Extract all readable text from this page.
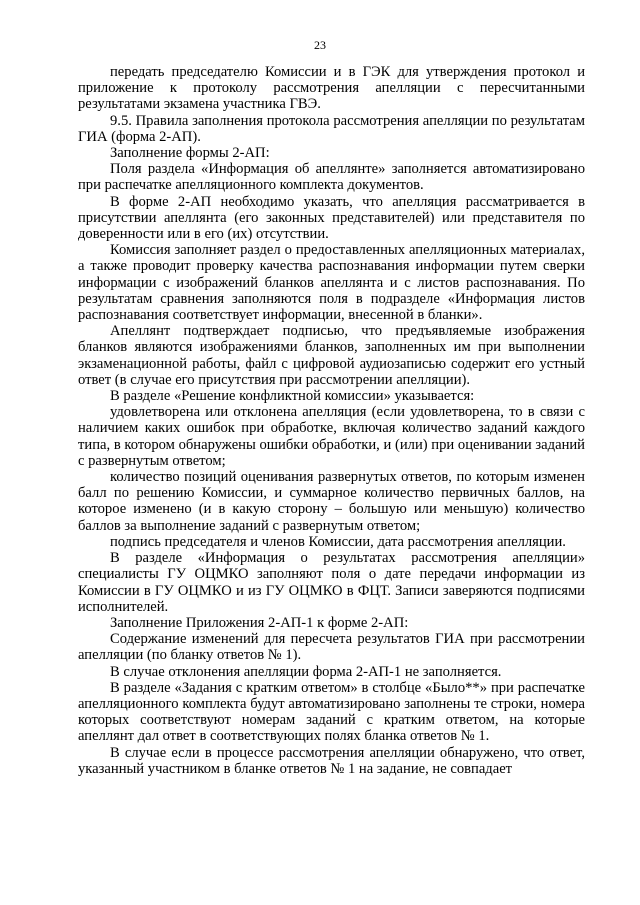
23

передать председателю Комиссии и в ГЭК для утверждения протокол и приложение к протоколу рассмотрения апелляции с пересчитанными результатами экзамена участника ГВЭ.

9.5. Правила заполнения протокола рассмотрения апелляции по результатам ГИА (форма 2-АП).

Заполнение формы 2-АП:

Поля раздела «Информация об апеллянте» заполняется автоматизировано при распечатке апелляционного комплекта документов.

В форме 2-АП необходимо указать, что апелляция рассматривается в присутствии апеллянта (его законных представителей) или представителя по доверенности или в его (их) отсутствии.

Комиссия заполняет раздел о предоставленных апелляционных материалах, а также проводит проверку качества распознавания информации путем сверки информации с изображений бланков апеллянта и с листов распознавания. По результатам сравнения заполняются поля в подразделе «Информация листов распознавания соответствует информации, внесенной в бланки».

Апеллянт подтверждает подписью, что предъявляемые изображения бланков являются изображениями бланков, заполненных им при выполнении экзаменационной работы, файл с цифровой аудиозаписью содержит его устный ответ (в случае его присутствия при рассмотрении апелляции).

В разделе «Решение конфликтной комиссии» указывается:

удовлетворена или отклонена апелляция (если удовлетворена, то в связи с наличием каких ошибок при обработке, включая количество заданий каждого типа, в котором обнаружены ошибки обработки, и (или) при оценивании заданий с развернутым ответом;

количество позиций оценивания развернутых ответов, по которым изменен балл по решению Комиссии, и суммарное количество первичных баллов, на которое изменено (и в какую сторону – большую или меньшую) количество баллов за выполнение заданий с развернутым ответом;

подпись председателя и членов Комиссии, дата рассмотрения апелляции.

В разделе «Информация о результатах рассмотрения апелляции» специалисты ГУ ОЦМКО заполняют поля о дате передачи информации из Комиссии в ГУ ОЦМКО и из ГУ ОЦМКО в ФЦТ. Записи заверяются подписями исполнителей.

Заполнение Приложения 2-АП-1 к форме 2-АП:

Содержание изменений для пересчета результатов ГИА при рассмотрении апелляции (по бланку ответов № 1).

В случае отклонения апелляции форма 2-АП-1 не заполняется.

В разделе «Задания с кратким ответом» в столбце «Было**» при распечатке апелляционного комплекта будут автоматизировано заполнены те строки, номера которых соответствуют номерам заданий с кратким ответом, на которые апеллянт дал ответ в соответствующих полях бланка ответов № 1.

В случае если в процессе рассмотрения апелляции обнаружено, что ответ, указанный участником в бланке ответов № 1 на задание, не совпадает
